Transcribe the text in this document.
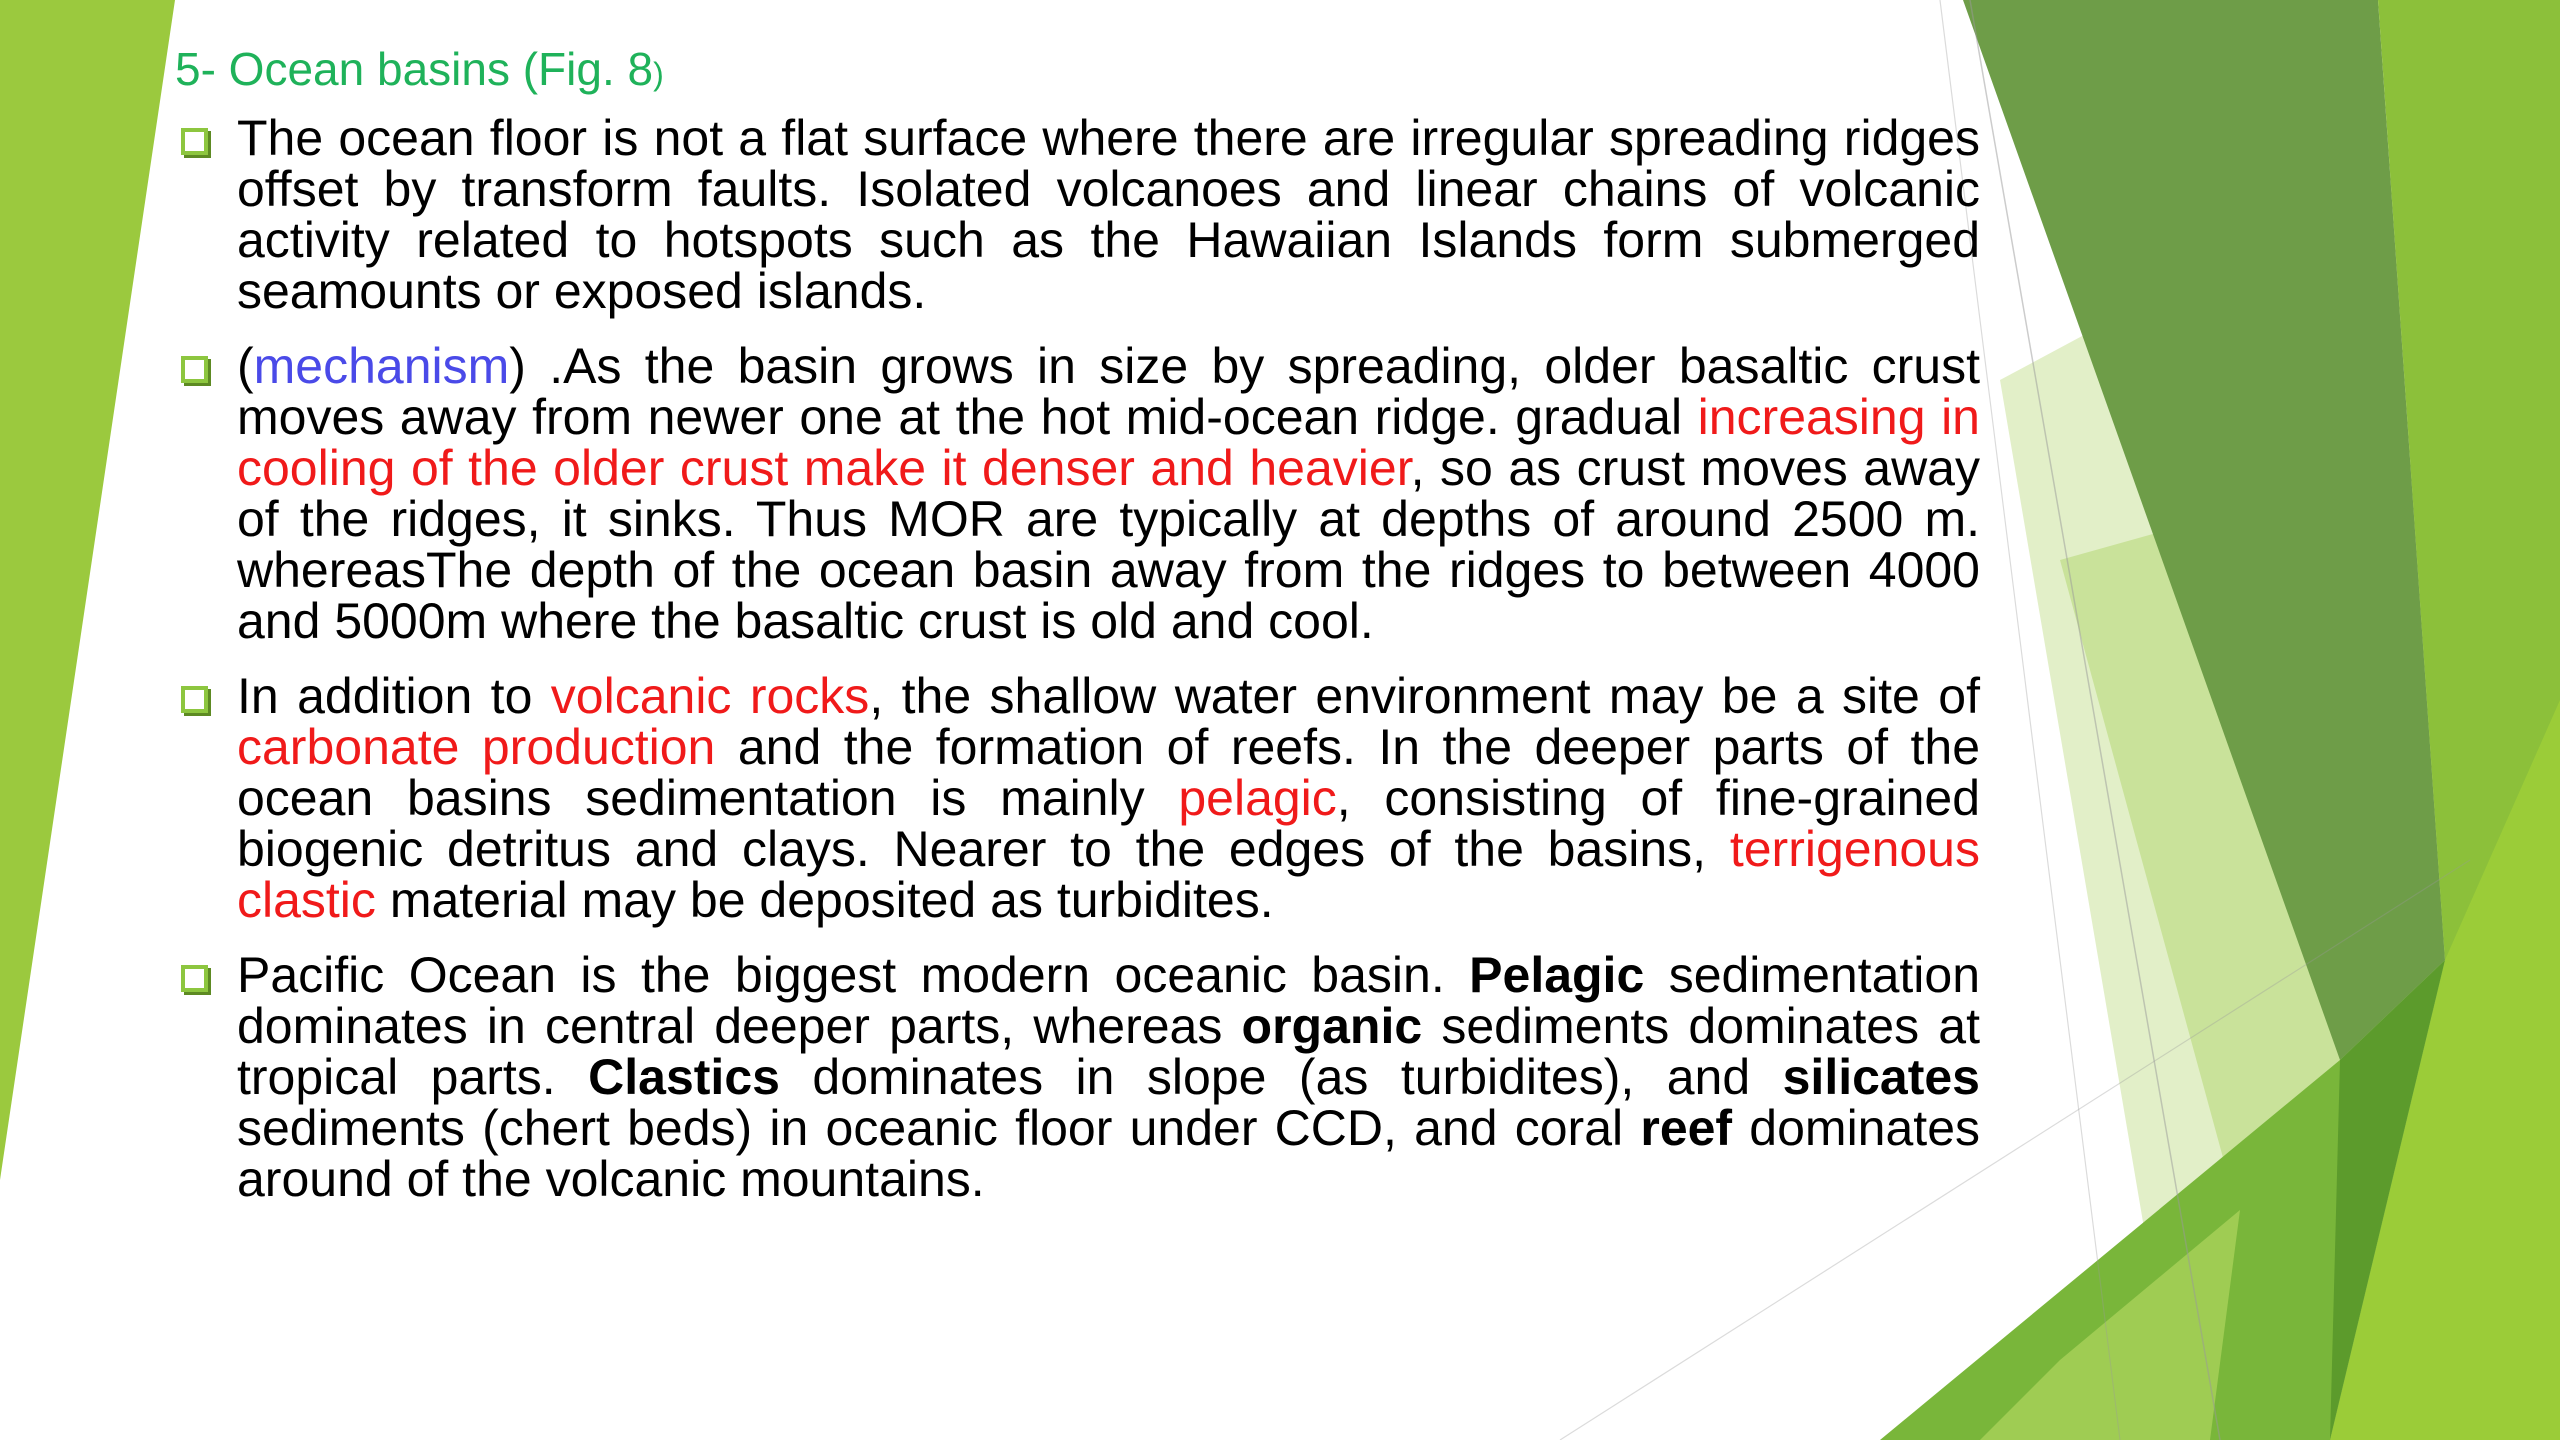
5- Ocean basins (Fig. 8)
The ocean floor is not a flat surface where there are irregular spreading ridges offset by transform faults. Isolated volcanoes and linear chains of volcanic activity related to hotspots such as the Hawaiian Islands form submerged seamounts or exposed islands.
(mechanism) .As the basin grows in size by spreading, older basaltic crust moves away from newer one at the hot mid-ocean ridge. gradual increasing in cooling of the older crust make it denser and heavier, so as crust moves away of the ridges, it sinks. Thus MOR are typically at depths of around 2500 m. whereasThe depth of the ocean basin away from the ridges to between 4000 and 5000m where the basaltic crust is old and cool.
In addition to volcanic rocks, the shallow water environment may be a site of carbonate production and the formation of reefs. In the deeper parts of the ocean basins sedimentation is mainly pelagic, consisting of fine-grained biogenic detritus and clays. Nearer to the edges of the basins, terrigenous clastic material may be deposited as turbidites.
Pacific Ocean is the biggest modern oceanic basin. Pelagic sedimentation dominates in central deeper parts, whereas organic sediments dominates at tropical parts. Clastics dominates in slope (as turbidites), and silicates sediments (chert beds) in oceanic floor under CCD, and coral reef dominates around of the volcanic mountains.
